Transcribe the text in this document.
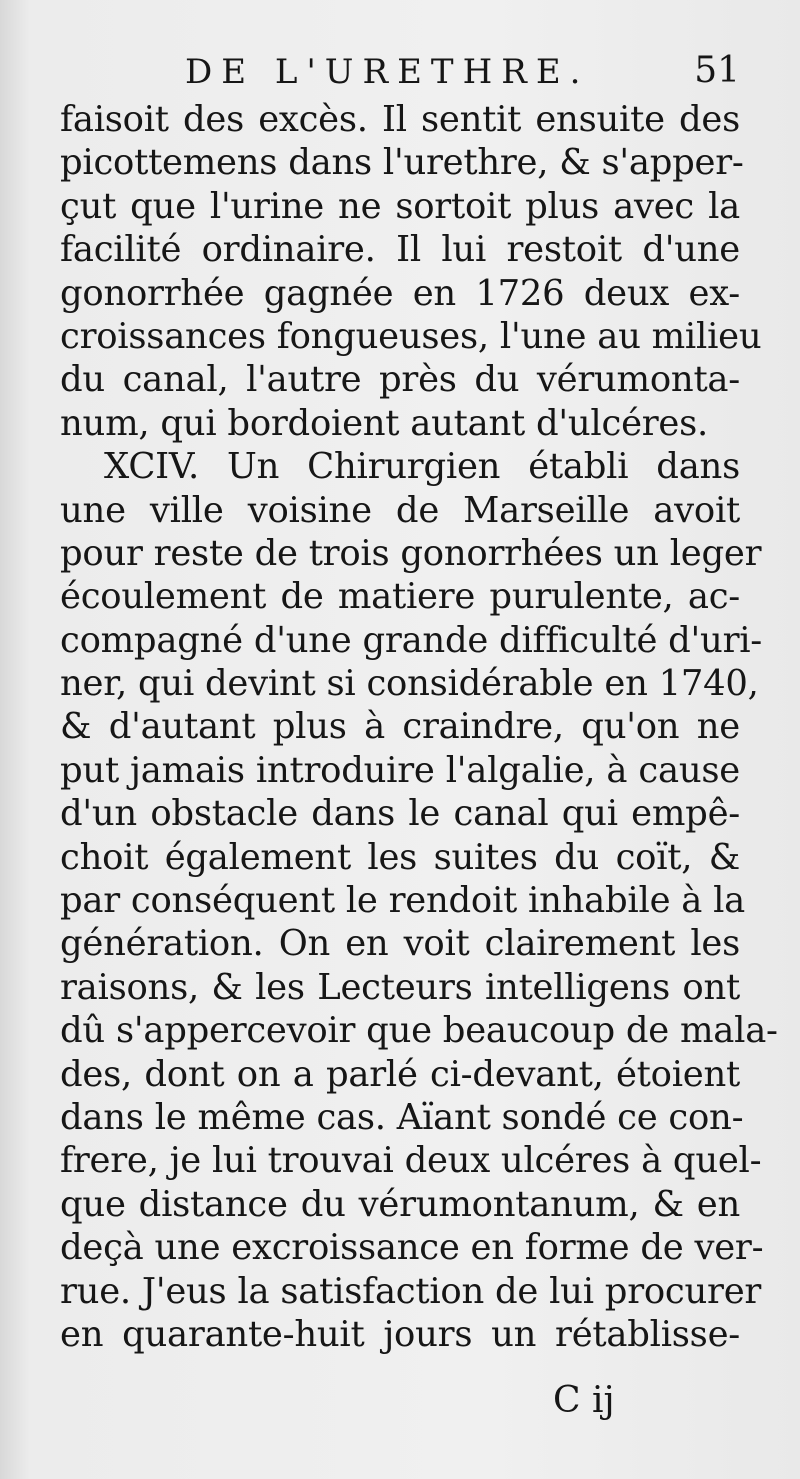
DE L'URETHRE.	51
faisoit des excès. Il sentit ensuite des
picottemens dans l'urethre, & s'apper-
çut que l'urine ne sortoit plus avec la
facilité ordinaire. Il lui restoit d'une
gonorrhée gagnée en 1726 deux ex-
croissances fongueuses, l'une au milieu
du canal, l'autre près du vérumonta-
num, qui bordoient autant d'ulcéres.
XCIV. Un Chirurgien établi dans
une ville voisine de Marseille avoit
pour reste de trois gonorrhées un leger
écoulement de matiere purulente, ac-
compagné d'une grande difficulté d'uri-
ner, qui devint si considérable en 1740,
& d'autant plus à craindre, qu'on ne
put jamais introduire l'algalie, à cause
d'un obstacle dans le canal qui empê-
choit également les suites du coït, &
par conséquent le rendoit inhabile à la
génération. On en voit clairement les
raisons, & les Lecteurs intelligens ont
dû s'appercevoir que beaucoup de mala-
des, dont on a parlé ci-devant, étoient
dans le même cas. Aïant sondé ce con-
frere, je lui trouvai deux ulcéres à quel-
que distance du vérumontanum, & en
deçà une excroissance en forme de ver-
rue. J'eus la satisfaction de lui procurer
en quarante-huit jours un rétablisse-
C ij
